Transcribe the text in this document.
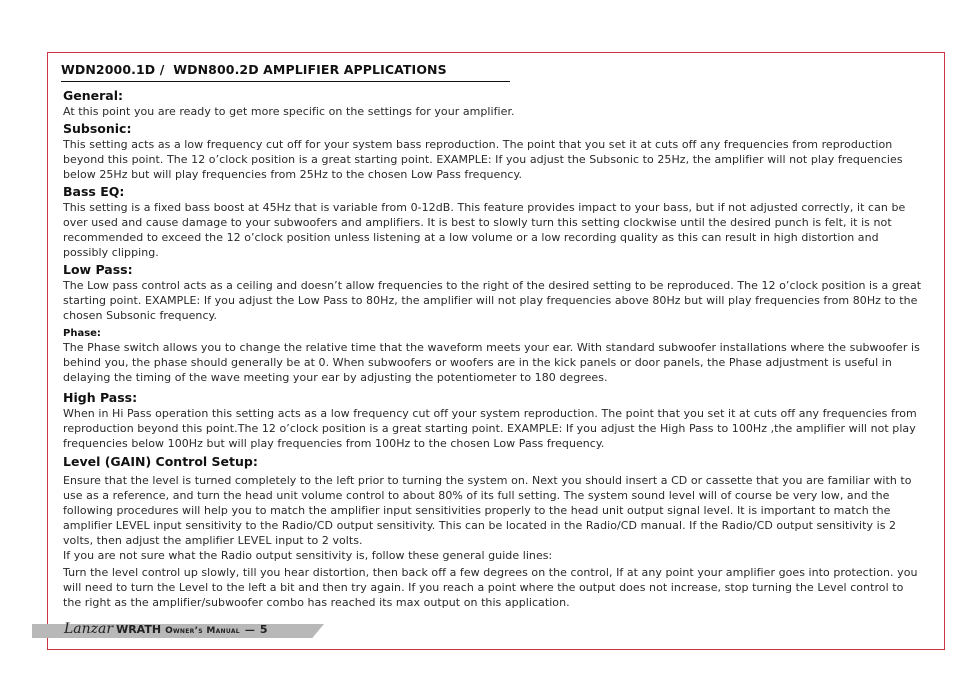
WDN2000.1D /  WDN800.2D AMPLIFIER APPLICATIONS
General:

At this point you are ready to get more specific on the settings for your amplifier.

Subsonic:

This setting acts as a low frequency cut off for your system bass reproduction. The point that you set it at cuts off any frequencies from reproduction beyond this point. The 12 o’clock position is a great starting point. EXAMPLE: If you adjust the Subsonic to 25Hz, the amplifier will not play frequencies below 25Hz but will play frequencies from 25Hz to the chosen Low Pass frequency.

Bass EQ:

This setting is a fixed bass boost at 45Hz that is variable from 0-12dB. This feature provides impact to your bass, but if not adjusted correctly, it can be over used and cause damage to your subwoofers and amplifiers. It is best to slowly turn this setting clockwise until the desired punch is felt, it is not recommended to exceed the 12 o’clock position unless listening at a low volume or a low recording quality as this can result in high distortion and possibly clipping.

Low Pass:

The Low pass control acts as a ceiling and doesn’t allow frequencies to the right of the desired setting to be reproduced. The 12 o’clock position is a great starting point. EXAMPLE: If you adjust the Low Pass to 80Hz, the amplifier will not play frequencies above 80Hz but will play frequencies from 80Hz to the chosen Subsonic frequency.

Phase:

The Phase switch allows you to change the relative time that the waveform meets your ear. With standard subwoofer installations where the subwoofer is behind you, the phase should generally be at 0. When subwoofers or woofers are in the kick panels or door panels, the Phase adjustment is useful in delaying the timing of the wave meeting your ear by adjusting the potentiometer to 180 degrees.

High Pass:

When in Hi Pass operation this setting acts as a low frequency cut off your system reproduction. The point that you set it at cuts off any frequencies from reproduction beyond this point.The 12 o’clock position is a great starting point. EXAMPLE: If you adjust the High Pass to 100Hz ,the amplifier will not play frequencies below 100Hz but will play frequencies from 100Hz to the chosen Low Pass frequency.

Level (GAIN) Control Setup:

Ensure that the level is turned completely to the left prior to turning the system on. Next you should insert a CD or cassette that you are familiar with to use as a reference, and turn the head unit volume control to about 80% of its full setting. The system sound level will of course be very low, and the following procedures will help you to match the amplifier input sensitivities properly to the head unit output signal level. It is important to match the amplifier LEVEL input sensitivity to the Radio/CD output sensitivity. This can be located in the Radio/CD manual. If the Radio/CD output sensitivity is 2 volts, then adjust the amplifier LEVEL input to 2 volts.

If you are not sure what the Radio output sensitivity is, follow these general guide lines:

Turn the level control up slowly, till you hear distortion, then back off a few degrees on the control, If at any point your amplifier goes into protection. you will need to turn the Level to the left a bit and then try again. If you reach a point where the output does not increase, stop turning the Level control to the right as the amplifier/subwoofer combo has reached its max output on this application.

Lanzar WRATH Owner’s Manual — 5
